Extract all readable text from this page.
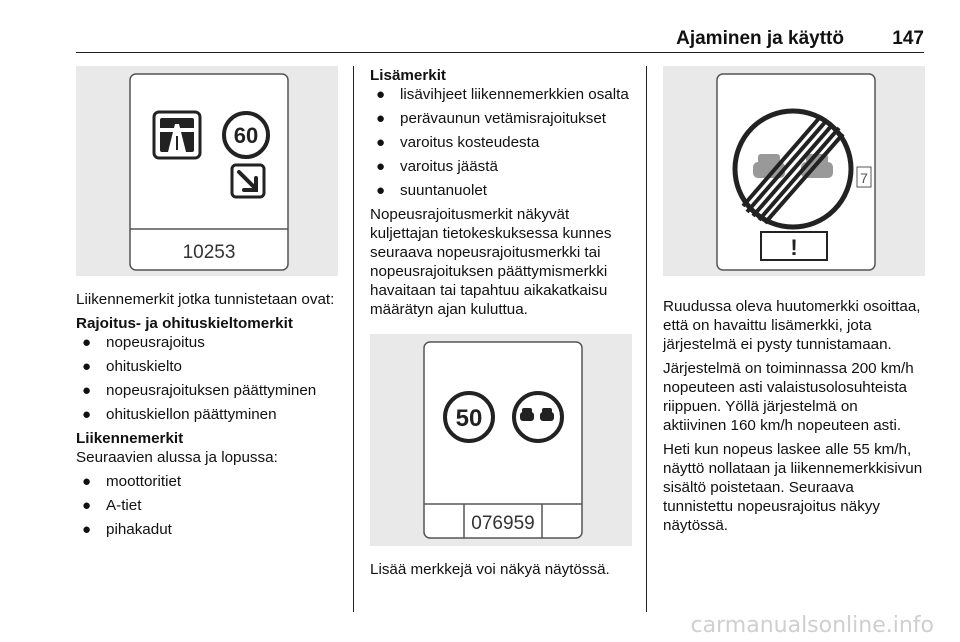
Ajaminen ja käyttö	147
60
10253
50
076959
7
!

Liikennemerkit jotka tunnistetaan ovat:

Rajoitus- ja ohituskieltomerkit

● nopeusrajoitus
● ohituskielto
● nopeusrajoituksen päättyminen
● ohituskiellon päättyminen

Liikennemerkit

Seuraavien alussa ja lopussa:

● moottoritiet
● A-tiet
● pihakadut

Lisämerkit

● lisävihjeet liikennemerkkien osalta
● perävaunun vetämisrajoitukset
● varoitus kosteudesta
● varoitus jäästä
● suuntanuolet

Nopeusrajoitusmerkit näkyvät kuljettajan tietokeskuksessa kunnes seuraava nopeusrajoitusmerkki tai nopeusrajoituksen päättymismerkki havaitaan tai tapahtuu aikakatkaisu määrätyn ajan kuluttua.

Lisää merkkejä voi näkyä näytössä.

Ruudussa oleva huutomerkki osoittaa, että on havaittu lisämerkki, jota järjestelmä ei pysty tunnistamaan.

Järjestelmä on toiminnassa 200 km/h nopeuteen asti valaistusolosuhteista riippuen. Yöllä järjestelmä on aktiivinen 160 km/h nopeuteen asti.

Heti kun nopeus laskee alle 55 km/h, näyttö nollataan ja liikennemerkkisivun sisältö poistetaan. Seuraava tunnistettu nopeusrajoitus näkyy näytössä.

carmanualsonline.info
